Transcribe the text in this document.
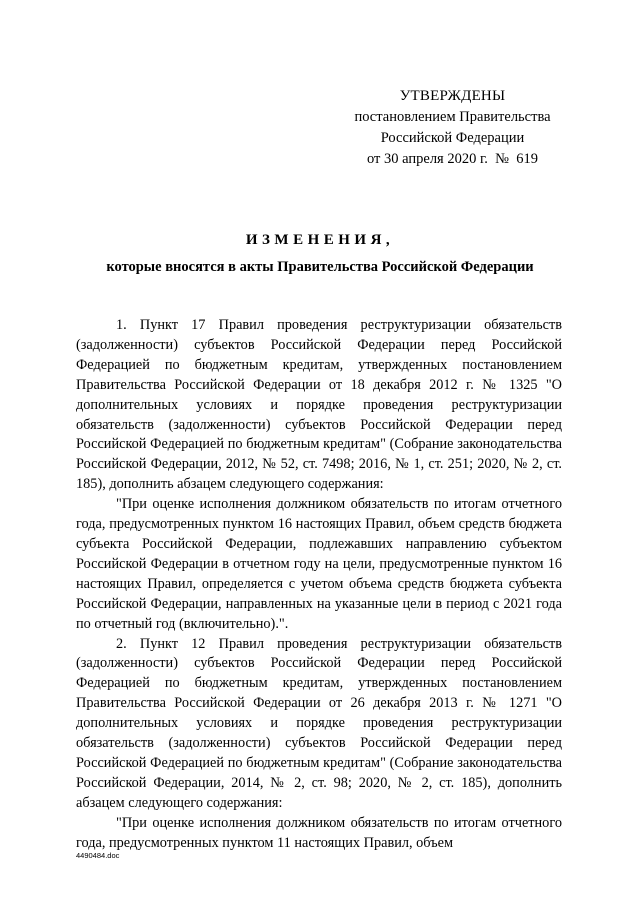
УТВЕРЖДЕНЫ
постановлением Правительства
Российской Федерации
от 30 апреля 2020 г.  №  619
ИЗМЕНЕНИЯ,
которые вносятся в акты Правительства Российской Федерации

1. Пункт 17 Правил проведения реструктуризации обязательств (задолженности) субъектов Российской Федерации перед Российской Федерацией по бюджетным кредитам, утвержденных постановлением Правительства Российской Федерации от 18 декабря 2012 г. № 1325 "О дополнительных условиях и порядке проведения реструктуризации обязательств (задолженности) субъектов Российской Федерации перед Российской Федерацией по бюджетным кредитам" (Собрание законодательства Российской Федерации, 2012, № 52, ст. 7498; 2016, № 1, ст. 251; 2020, № 2, ст. 185), дополнить абзацем следующего содержания:

"При оценке исполнения должником обязательств по итогам отчетного года, предусмотренных пунктом 16 настоящих Правил, объем средств бюджета субъекта Российской Федерации, подлежавших направлению субъектом Российской Федерации в отчетном году на цели, предусмотренные пунктом 16 настоящих Правил, определяется с учетом объема средств бюджета субъекта Российской Федерации, направленных на указанные цели в период с 2021 года по отчетный год (включительно).".

2. Пункт 12 Правил проведения реструктуризации обязательств (задолженности) субъектов Российской Федерации перед Российской Федерацией по бюджетным кредитам, утвержденных постановлением Правительства Российской Федерации от 26 декабря 2013 г. № 1271 "О дополнительных условиях и порядке проведения реструктуризации обязательств (задолженности) субъектов Российской Федерации перед Российской Федерацией по бюджетным кредитам" (Собрание законодательства Российской Федерации, 2014, № 2, ст. 98; 2020, № 2, ст. 185), дополнить абзацем следующего содержания:

"При оценке исполнения должником обязательств по итогам отчетного года, предусмотренных пунктом 11 настоящих Правил, объем

4490484.doc
